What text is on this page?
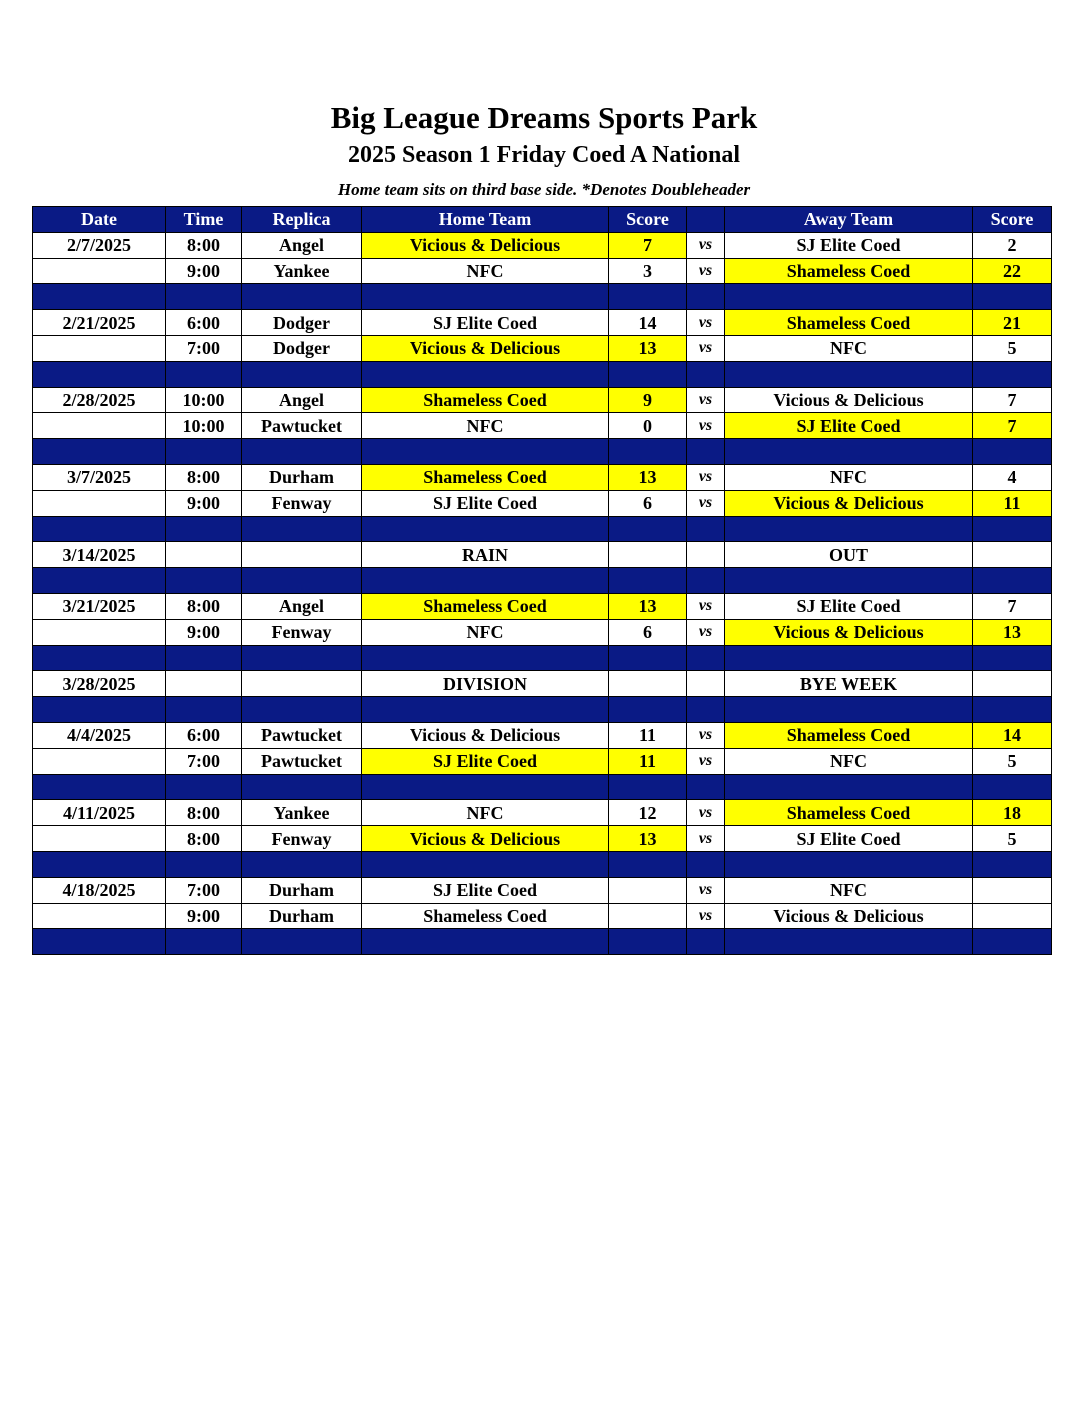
Big League Dreams Sports Park
2025 Season 1 Friday Coed A National
Home team sits on third base side. *Denotes Doubleheader
Date	Time	Replica	Home Team	Score		Away Team	Score
2/7/2025	8:00	Angel	Vicious & Delicious	7	vs	SJ Elite Coed	2
	9:00	Yankee	NFC	3	vs	Shameless Coed	22

2/21/2025	6:00	Dodger	SJ Elite Coed	14	vs	Shameless Coed	21
	7:00	Dodger	Vicious & Delicious	13	vs	NFC	5

2/28/2025	10:00	Angel	Shameless Coed	9	vs	Vicious & Delicious	7
	10:00	Pawtucket	NFC	0	vs	SJ Elite Coed	7

3/7/2025	8:00	Durham	Shameless Coed	13	vs	NFC	4
	9:00	Fenway	SJ Elite Coed	6	vs	Vicious & Delicious	11

3/14/2025			RAIN			OUT	

3/21/2025	8:00	Angel	Shameless Coed	13	vs	SJ Elite Coed	7
	9:00	Fenway	NFC	6	vs	Vicious & Delicious	13

3/28/2025			DIVISION			BYE WEEK	

4/4/2025	6:00	Pawtucket	Vicious & Delicious	11	vs	Shameless Coed	14
	7:00	Pawtucket	SJ Elite Coed	11	vs	NFC	5

4/11/2025	8:00	Yankee	NFC	12	vs	Shameless Coed	18
	8:00	Fenway	Vicious & Delicious	13	vs	SJ Elite Coed	5

4/18/2025	7:00	Durham	SJ Elite Coed		vs	NFC	
	9:00	Durham	Shameless Coed		vs	Vicious & Delicious	
